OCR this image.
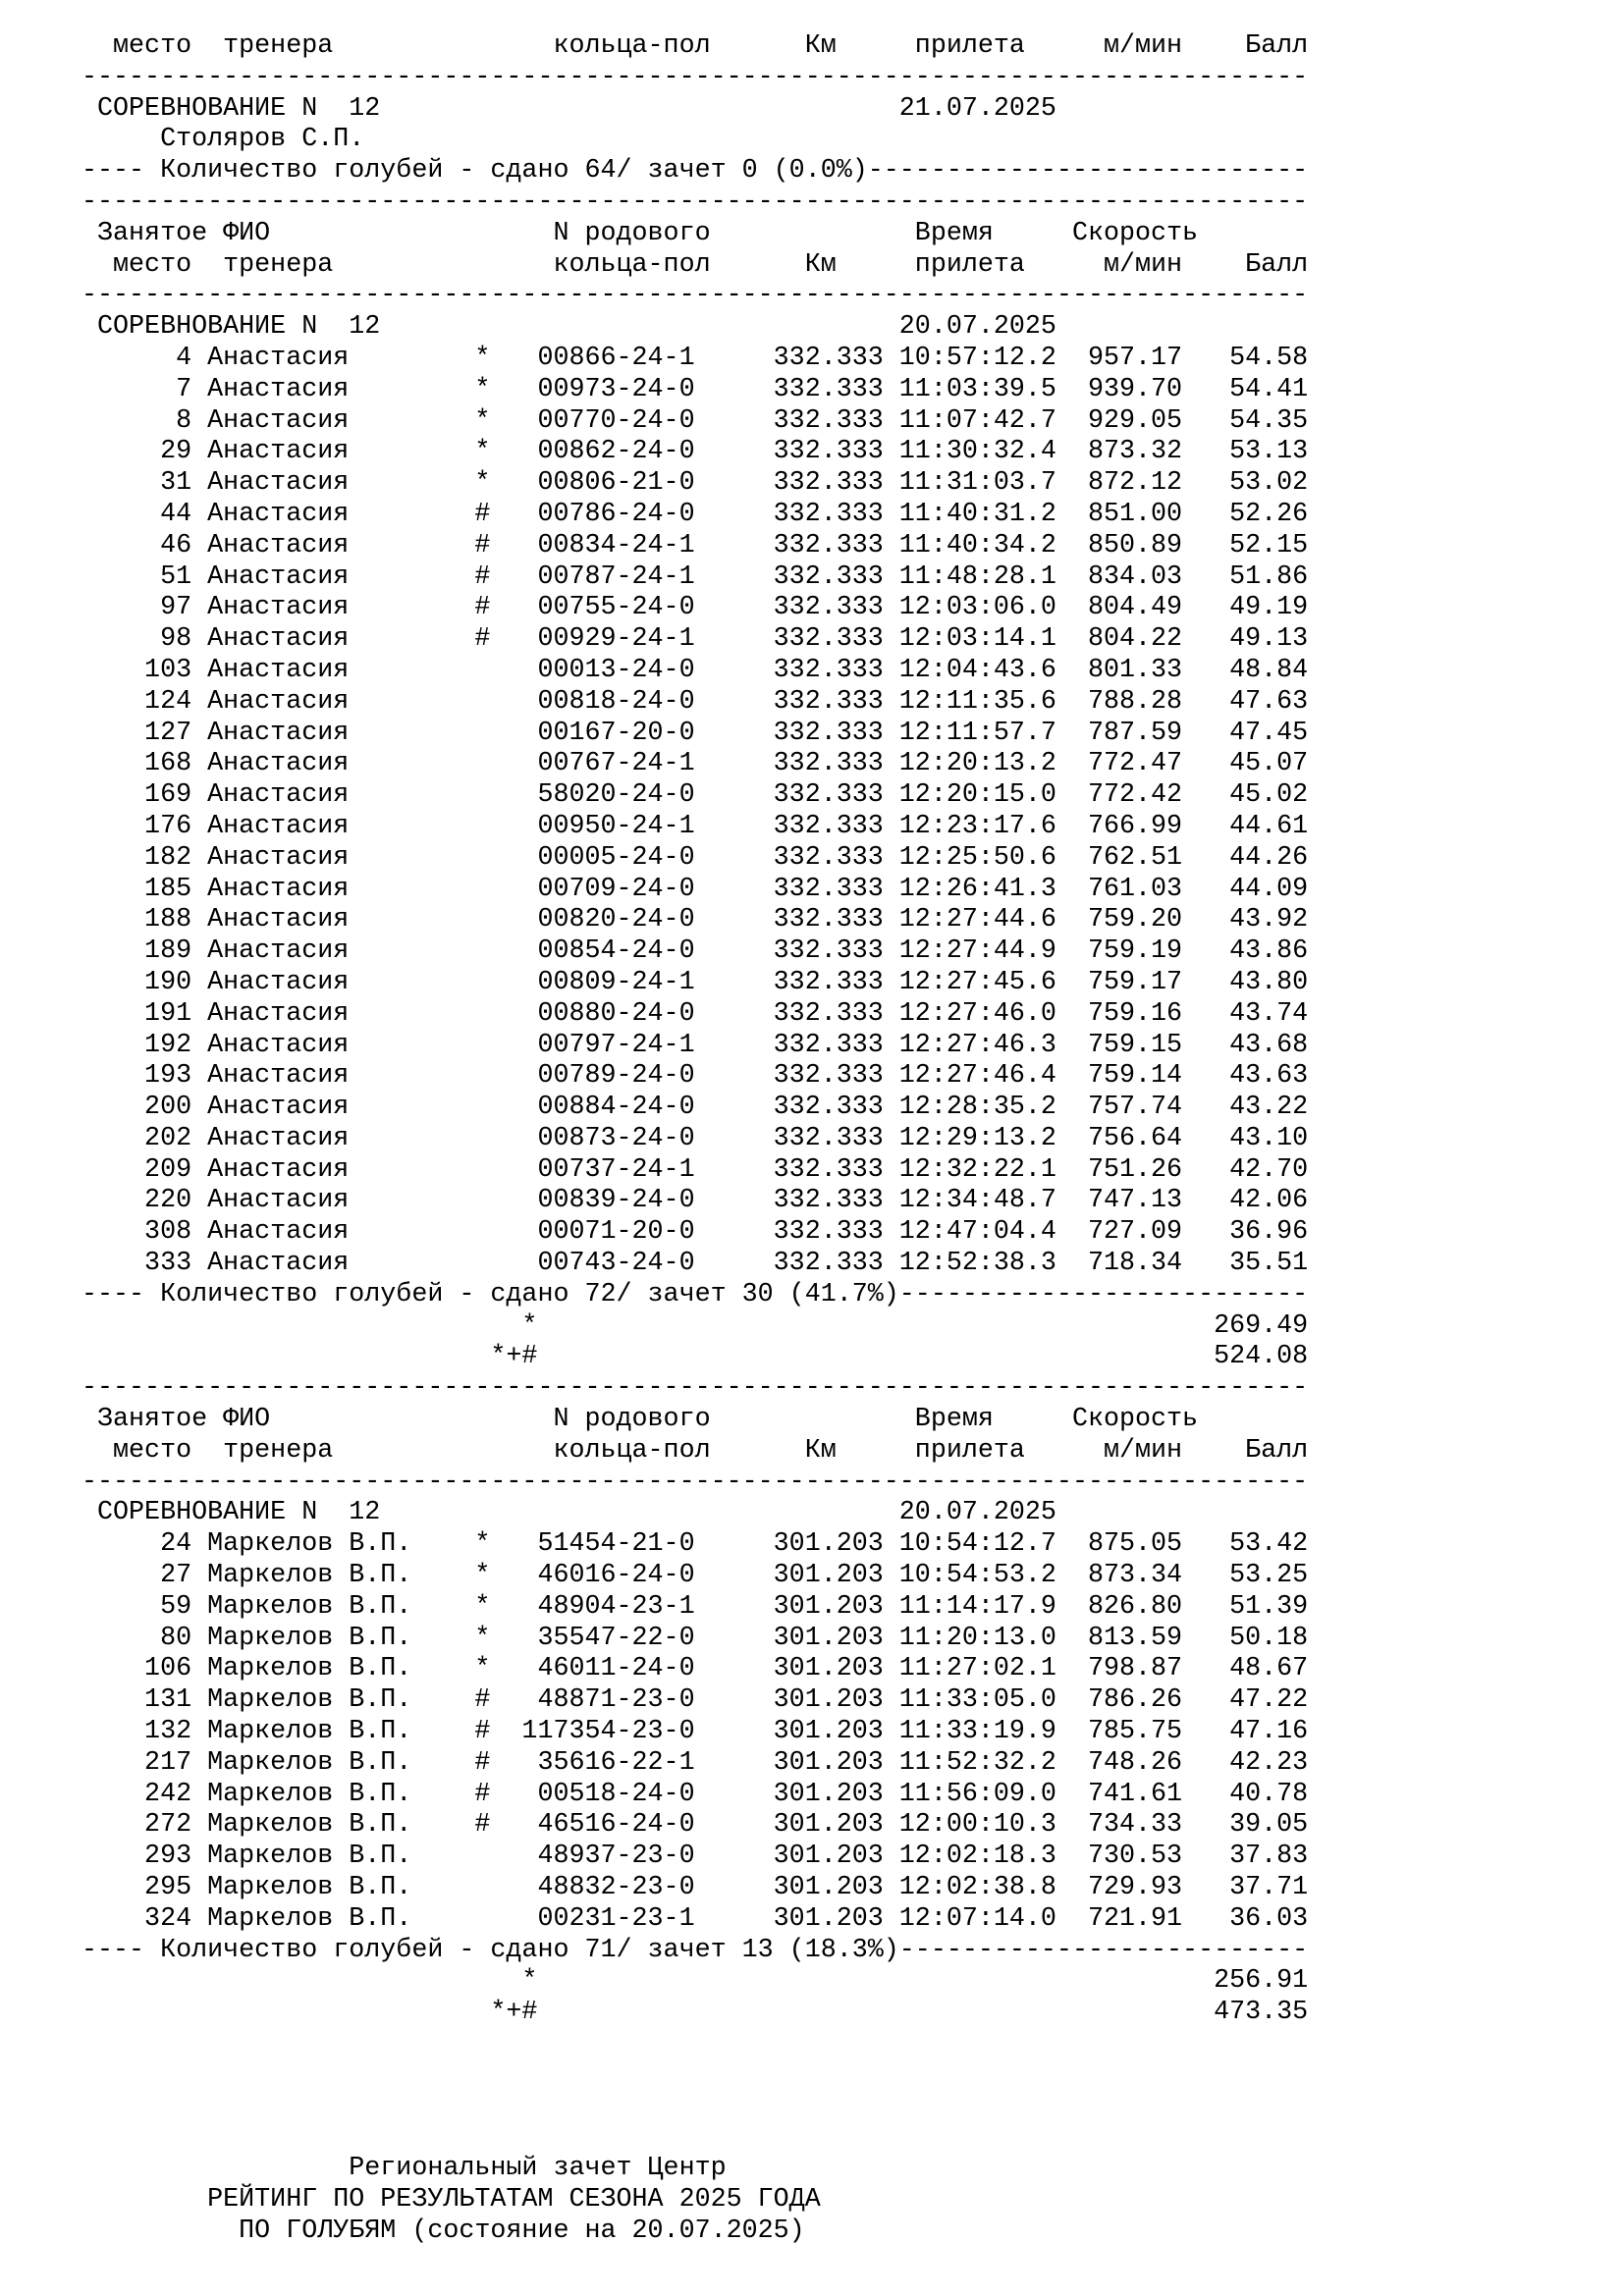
место  тренера              кольца-пол      Км     прилета     м/мин    Балл
------------------------------------------------------------------------------
СОРЕВНОВАНИЕ N  12                                 21.07.2025
Столяров С.П.
---- Количество голубей - сдано 64/ зачет 0 (0.0%)----------------------------
------------------------------------------------------------------------------
Занятое ФИО                  N родового             Время     Скорость
место  тренера              кольца-пол      Км     прилета     м/мин    Балл
------------------------------------------------------------------------------
СОРЕВНОВАНИЕ N  12                                 20.07.2025
4 Анастасия        *   00866-24-1     332.333 10:57:12.2  957.17   54.58
7 Анастасия        *   00973-24-0     332.333 11:03:39.5  939.70   54.41
8 Анастасия        *   00770-24-0     332.333 11:07:42.7  929.05   54.35
29 Анастасия        *   00862-24-0     332.333 11:30:32.4  873.32   53.13
31 Анастасия        *   00806-21-0     332.333 11:31:03.7  872.12   53.02
44 Анастасия        #   00786-24-0     332.333 11:40:31.2  851.00   52.26
46 Анастасия        #   00834-24-1     332.333 11:40:34.2  850.89   52.15
51 Анастасия        #   00787-24-1     332.333 11:48:28.1  834.03   51.86
97 Анастасия        #   00755-24-0     332.333 12:03:06.0  804.49   49.19
98 Анастасия        #   00929-24-1     332.333 12:03:14.1  804.22   49.13
103 Анастасия            00013-24-0     332.333 12:04:43.6  801.33   48.84
124 Анастасия            00818-24-0     332.333 12:11:35.6  788.28   47.63
127 Анастасия            00167-20-0     332.333 12:11:57.7  787.59   47.45
168 Анастасия            00767-24-1     332.333 12:20:13.2  772.47   45.07
169 Анастасия            58020-24-0     332.333 12:20:15.0  772.42   45.02
176 Анастасия            00950-24-1     332.333 12:23:17.6  766.99   44.61
182 Анастасия            00005-24-0     332.333 12:25:50.6  762.51   44.26
185 Анастасия            00709-24-0     332.333 12:26:41.3  761.03   44.09
188 Анастасия            00820-24-0     332.333 12:27:44.6  759.20   43.92
189 Анастасия            00854-24-0     332.333 12:27:44.9  759.19   43.86
190 Анастасия            00809-24-1     332.333 12:27:45.6  759.17   43.80
191 Анастасия            00880-24-0     332.333 12:27:46.0  759.16   43.74
192 Анастасия            00797-24-1     332.333 12:27:46.3  759.15   43.68
193 Анастасия            00789-24-0     332.333 12:27:46.4  759.14   43.63
200 Анастасия            00884-24-0     332.333 12:28:35.2  757.74   43.22
202 Анастасия            00873-24-0     332.333 12:29:13.2  756.64   43.10
209 Анастасия            00737-24-1     332.333 12:32:22.1  751.26   42.70
220 Анастасия            00839-24-0     332.333 12:34:48.7  747.13   42.06
308 Анастасия            00071-20-0     332.333 12:47:04.4  727.09   36.96
333 Анастасия            00743-24-0     332.333 12:52:38.3  718.34   35.51
---- Количество голубей - сдано 72/ зачет 30 (41.7%)--------------------------
*                                           269.49
*+#                                           524.08
------------------------------------------------------------------------------
Занятое ФИО                  N родового             Время     Скорость
место  тренера              кольца-пол      Км     прилета     м/мин    Балл
------------------------------------------------------------------------------
СОРЕВНОВАНИЕ N  12                                 20.07.2025
24 Маркелов В.П.    *   51454-21-0     301.203 10:54:12.7  875.05   53.42
27 Маркелов В.П.    *   46016-24-0     301.203 10:54:53.2  873.34   53.25
59 Маркелов В.П.    *   48904-23-1     301.203 11:14:17.9  826.80   51.39
80 Маркелов В.П.    *   35547-22-0     301.203 11:20:13.0  813.59   50.18
106 Маркелов В.П.    *   46011-24-0     301.203 11:27:02.1  798.87   48.67
131 Маркелов В.П.    #   48871-23-0     301.203 11:33:05.0  786.26   47.22
132 Маркелов В.П.    #  117354-23-0     301.203 11:33:19.9  785.75   47.16
217 Маркелов В.П.    #   35616-22-1     301.203 11:52:32.2  748.26   42.23
242 Маркелов В.П.    #   00518-24-0     301.203 11:56:09.0  741.61   40.78
272 Маркелов В.П.    #   46516-24-0     301.203 12:00:10.3  734.33   39.05
293 Маркелов В.П.        48937-23-0     301.203 12:02:18.3  730.53   37.83
295 Маркелов В.П.        48832-23-0     301.203 12:02:38.8  729.93   37.71
324 Маркелов В.П.        00231-23-1     301.203 12:07:14.0  721.91   36.03
---- Количество голубей - сдано 71/ зачет 13 (18.3%)--------------------------
*                                           256.91
*+#                                           473.35

Региональный зачет Центр
РЕЙТИНГ ПО РЕЗУЛЬТАТАМ СЕЗОНА 2025 ГОДА
ПО ГОЛУБЯМ (состояние на 20.07.2025)
